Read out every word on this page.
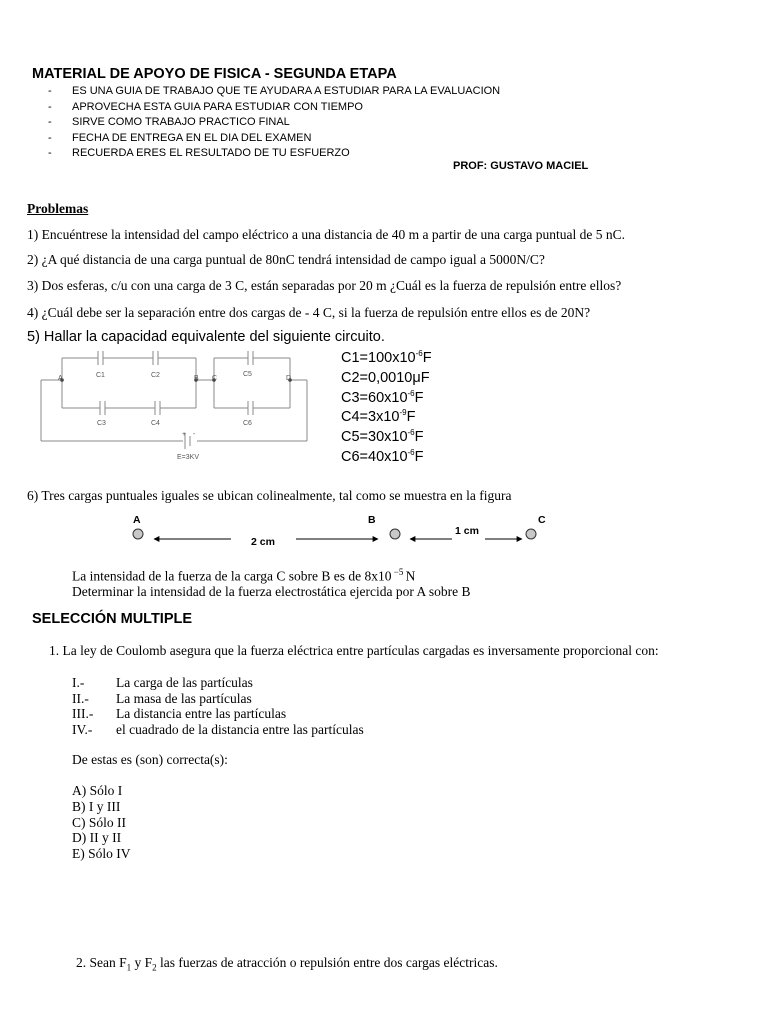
MATERIAL DE APOYO DE FISICA - SEGUNDA ETAPA
-	ES UNA GUIA DE TRABAJO QUE TE AYUDARA A ESTUDIAR PARA LA EVALUACION
-	APROVECHA ESTA GUIA PARA ESTUDIAR CON TIEMPO
-	SIRVE COMO TRABAJO PRACTICO FINAL
-	FECHA DE ENTREGA EN EL DIA DEL EXAMEN
-	RECUERDA ERES EL RESULTADO DE TU ESFUERZO
PROF: GUSTAVO MACIEL
Problemas
1) Encuéntrese la intensidad del campo eléctrico a una distancia de 40 m a partir de una carga puntual de 5 nC.
2) ¿A qué distancia de una carga puntual de 80nC tendrá intensidad de campo igual a 5000N/C?
3) Dos esferas, c/u con una carga de 3 C, están separadas por 20 m ¿Cuál es la fuerza de repulsión entre ellos?
4) ¿Cuál debe ser la separación entre dos cargas de - 4 C, si la fuerza de repulsión entre ellos es de 20N?
5) Hallar la capacidad equivalente del siguiente circuito.
C1	C2
C3	C4
C5
C6
A	B C	D
+ -
E=3KV
$C1=100x10^{-6}F$
C2=0,0010μF
$C3=60x10^{-6}F$
$C4=3x10^{-9}F$
$C5=30x10^{-6}F$
$C6=40x10^{-6}F$
6) Tres cargas puntuales iguales se ubican colinealmente, tal como se muestra en la figura
A	B	C
2 cm
1 cm
La intensidad de la fuerza de la carga C sobre B es de 8x10 $^{-5}$ N
Determinar la intensidad de la fuerza electrostática ejercida por A sobre B
SELECCIÓN MULTIPLE
1. La ley de Coulomb asegura que la fuerza eléctrica entre partículas cargadas es inversamente proporcional con:
I.-	La carga de las partículas
II.-	La masa de las partículas
III.-	La distancia entre las partículas
IV.-	el cuadrado de la distancia entre las partículas
De estas es (son) correcta(s):
A) Sólo I
B) I y III
C) Sólo II
D) II y II
E) Sólo IV
2. Sean $F_1$ y $F_2$ las fuerzas de atracción o repulsión entre dos cargas eléctricas.
